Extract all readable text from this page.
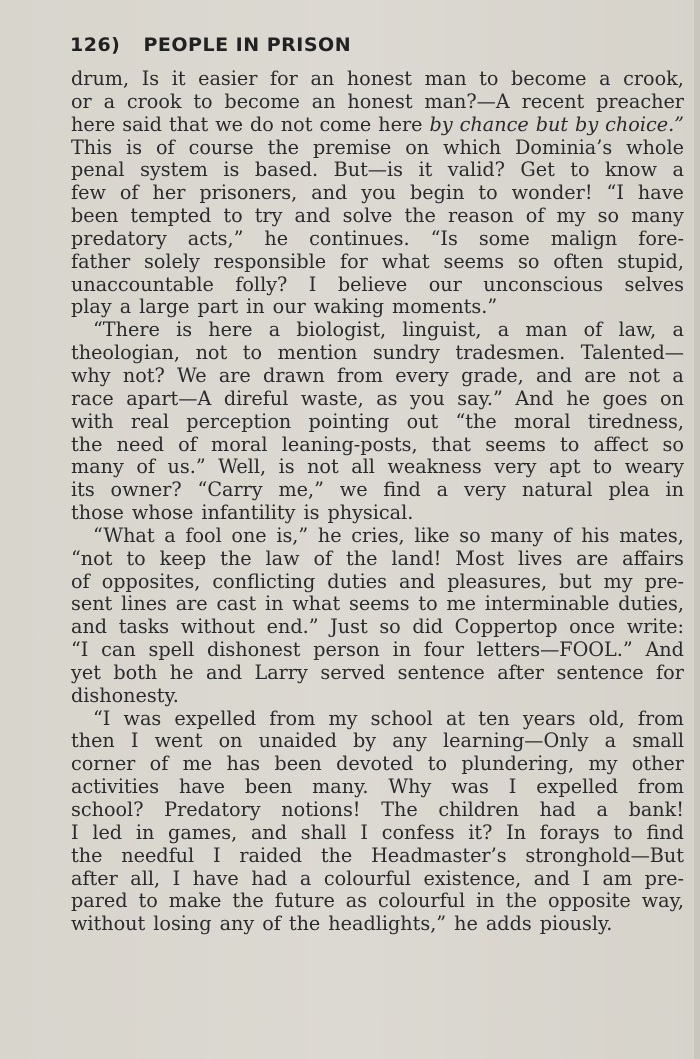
126) PEOPLE IN PRISON
drum, Is it easier for an honest man to become a crook,
or a crook to become an honest man?—A recent preacher
here said that we do not come here by chance but by choice.”
This is of course the premise on which Dominia’s whole
penal system is based. But—is it valid? Get to know a
few of her prisoners, and you begin to wonder! “I have
been tempted to try and solve the reason of my so many
predatory acts,” he continues. “Is some malign fore-
father solely responsible for what seems so often stupid,
unaccountable folly? I believe our unconscious selves
play a large part in our waking moments.”
“There is here a biologist, linguist, a man of law, a
theologian, not to mention sundry tradesmen. Talented—
why not? We are drawn from every grade, and are not a
race apart—A direful waste, as you say.” And he goes on
with real perception pointing out “the moral tiredness,
the need of moral leaning-posts, that seems to affect so
many of us.” Well, is not all weakness very apt to weary
its owner? “Carry me,” we find a very natural plea in
those whose infantility is physical.
“What a fool one is,” he cries, like so many of his mates,
“not to keep the law of the land! Most lives are affairs
of opposites, conflicting duties and pleasures, but my pre-
sent lines are cast in what seems to me interminable duties,
and tasks without end.” Just so did Coppertop once write:
“I can spell dishonest person in four letters—FOOL.” And
yet both he and Larry served sentence after sentence for
dishonesty.
“I was expelled from my school at ten years old, from
then I went on unaided by any learning—Only a small
corner of me has been devoted to plundering, my other
activities have been many. Why was I expelled from
school? Predatory notions! The children had a bank!
I led in games, and shall I confess it? In forays to find
the needful I raided the Headmaster’s stronghold—But
after all, I have had a colourful existence, and I am pre-
pared to make the future as colourful in the opposite way,
without losing any of the headlights,” he adds piously.
